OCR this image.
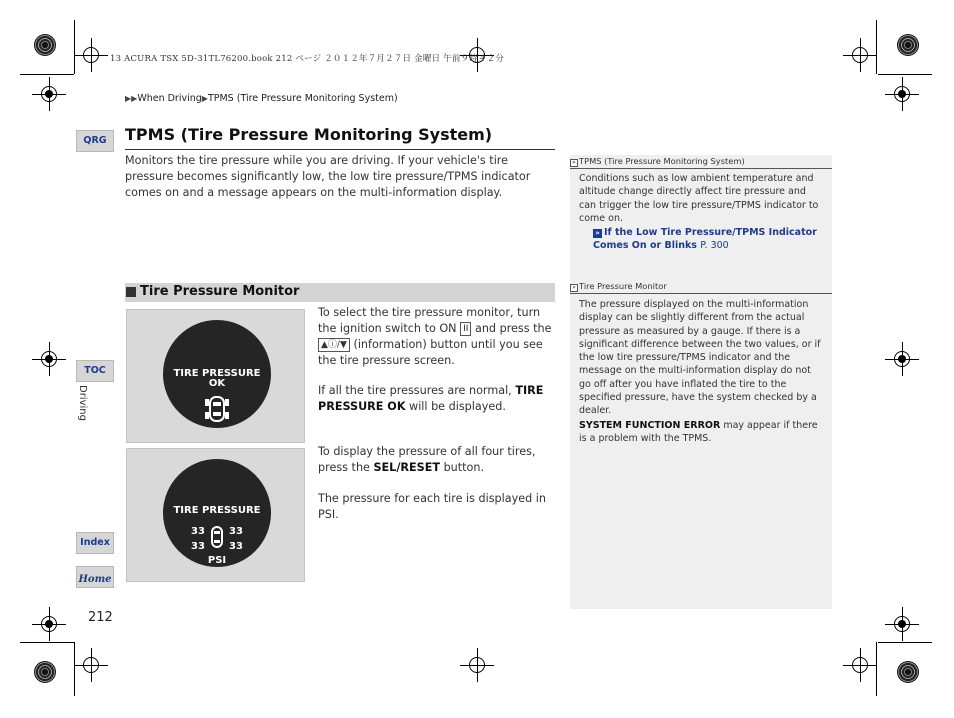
13 ACURA TSX 5D-31TL76200.book 212 ページ ２０１２年７月２７日 金曜日 午前９時４２分
▶▶When Driving▶TPMS (Tire Pressure Monitoring System)
QRG
TOC
Driving
Index
Home
TPMS (Tire Pressure Monitoring System)
Monitors the tire pressure while you are driving. If your vehicle's tire pressure becomes significantly low, the low tire pressure/TPMS indicator comes on and a message appears on the multi-information display.
Tire Pressure Monitor
TIRE PRESSURE
OK
TIRE PRESSURE
33 33
33 33
PSI
To select the tire pressure monitor, turn the ignition switch to ON II and press the ▲ⓘ/▼ (information) button until you see the tire pressure screen.
If all the tire pressures are normal, TIRE PRESSURE OK will be displayed.
To display the pressure of all four tires, press the SEL/RESET button.
The pressure for each tire is displayed in PSI.
» TPMS (Tire Pressure Monitoring System)
Conditions such as low ambient temperature and altitude change directly affect tire pressure and can trigger the low tire pressure/TPMS indicator to come on.
» If the Low Tire Pressure/TPMS Indicator Comes On or Blinks P. 300
» Tire Pressure Monitor
The pressure displayed on the multi-information display can be slightly different from the actual pressure as measured by a gauge. If there is a significant difference between the two values, or if the low tire pressure/TPMS indicator and the message on the multi-information display do not go off after you have inflated the tire to the specified pressure, have the system checked by a dealer.
SYSTEM FUNCTION ERROR may appear if there is a problem with the TPMS.
212
